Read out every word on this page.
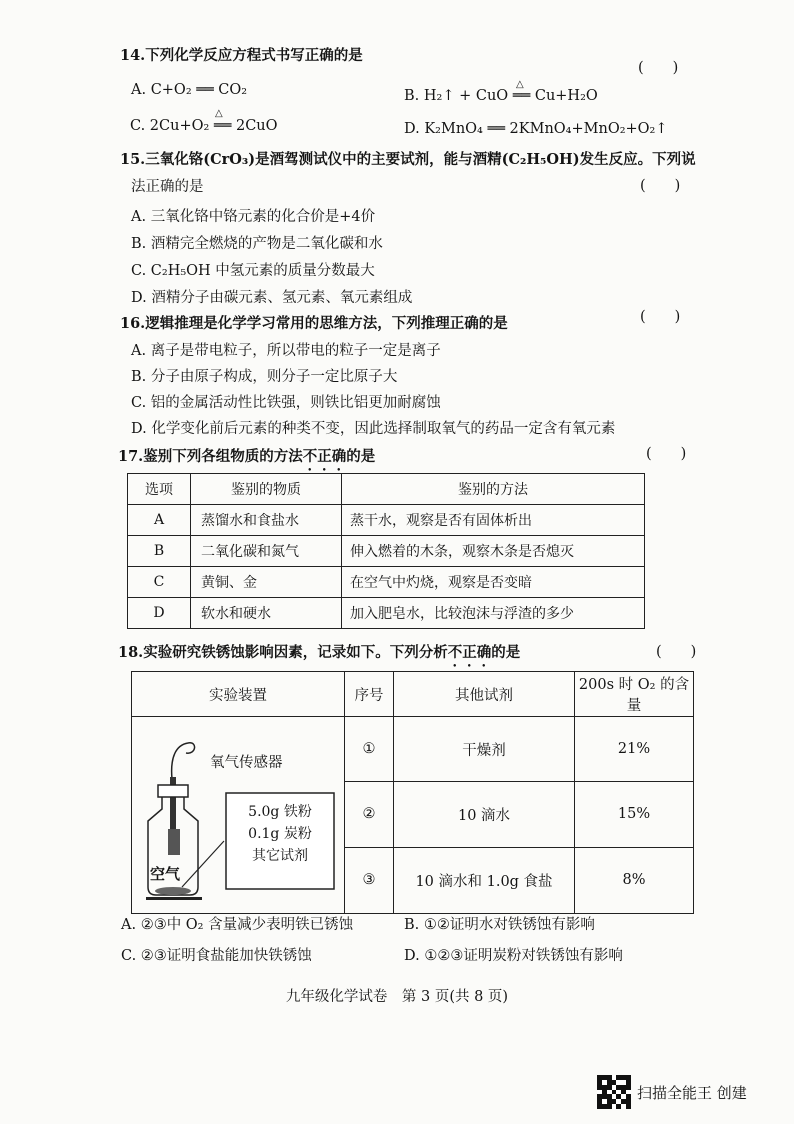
14.下列化学反应方程式书写正确的是
(　　)
A. C+O₂ ══ CO₂	B. H₂↑ + CuO ══ Cu+H₂O
C. 2Cu+O₂ ══ 2CuO	D. K₂MnO₄ ══ 2KMnO₄+MnO₂+O₂↑
△
△
15.三氧化铬(CrO₃)是酒驾测试仪中的主要试剂，能与酒精(C₂H₅OH)发生反应。下列说
法正确的是	(　　)
A. 三氧化铬中铬元素的化合价是+4价
B. 酒精完全燃烧的产物是二氧化碳和水
C. C₂H₅OH 中氢元素的质量分数最大
D. 酒精分子由碳元素、氢元素、氧元素组成
16.逻辑推理是化学学习常用的思维方法，下列推理正确的是	(　　)
A. 离子是带电粒子，所以带电的粒子一定是离子
B. 分子由原子构成，则分子一定比原子大
C. 铝的金属活动性比铁强，则铁比铝更加耐腐蚀
D. 化学变化前后元素的种类不变，因此选择制取氧气的药品一定含有氧元素
17.鉴别下列各组物质的方法不正确的是	(　　)
选项	鉴别的物质	鉴别的方法
A	蒸馏水和食盐水	蒸干水，观察是否有固体析出
B	二氧化碳和氮气	伸入燃着的木条，观察木条是否熄灭
C	黄铜、金	在空气中灼烧，观察是否变暗
D	软水和硬水	加入肥皂水，比较泡沫与浮渣的多少
18.实验研究铁锈蚀影响因素，记录如下。下列分析不正确的是	(　　)
实验装置	序号	其他试剂	200s 时 O₂ 的含量

氧气传感器
5.0g 铁粉
0.1g 炭粉
其它试剂
空气	①	干燥剂	21%
	②	10 滴水	15%
	③	10 滴水和 1.0g 食盐	8%
A. ②③中 O₂ 含量减少表明铁已锈蚀	B. ①②证明水对铁锈蚀有影响
C. ②③证明食盐能加快铁锈蚀	D. ①②③证明炭粉对铁锈蚀有影响
九年级化学试卷　第 3 页(共 8 页)
扫描全能王 创建
